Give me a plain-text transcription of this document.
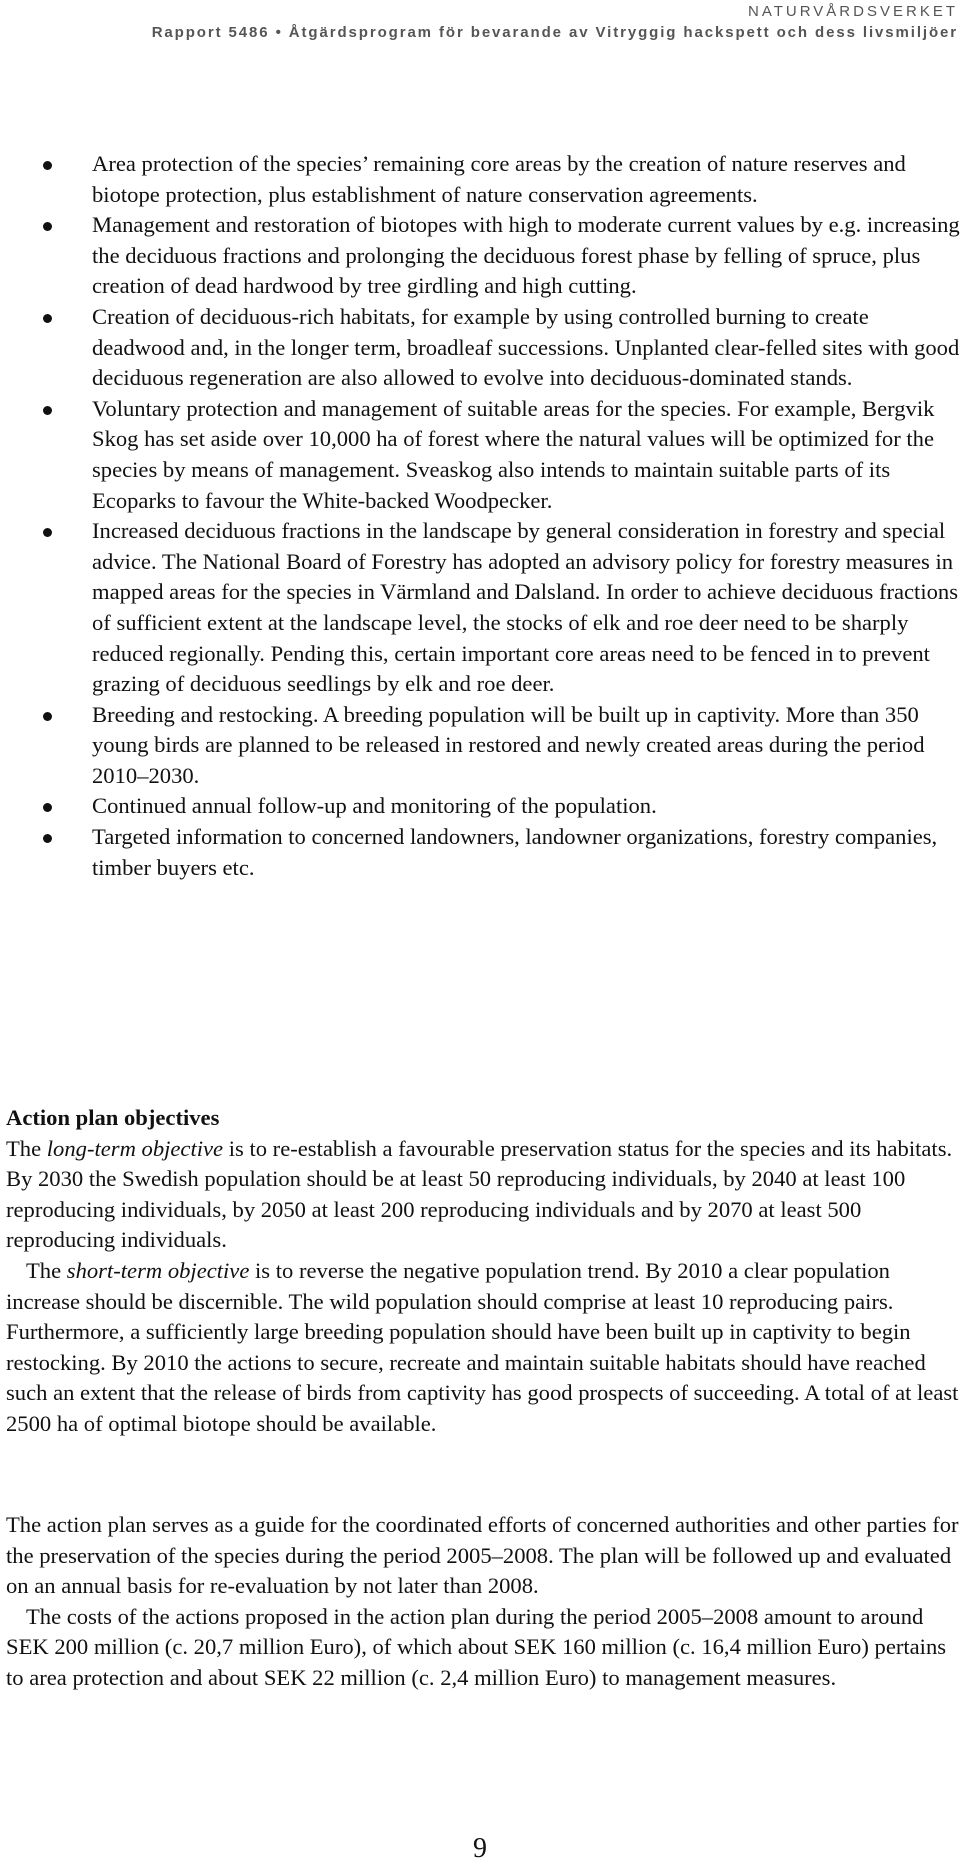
NATURVÅRDSVERKET
Rapport 5486 • Åtgärdsprogram för bevarande av Vitryggig hackspett och dess livsmiljöer
Area protection of the species’ remaining core areas by the creation of nature reserves and biotope protection, plus establishment of nature conservation agreements.
Management and restoration of biotopes with high to moderate current values by e.g. increasing the deciduous fractions and prolonging the deciduous forest phase by felling of spruce, plus creation of dead hardwood by tree girdling and high cutting.
Creation of deciduous-rich habitats, for example by using controlled burning to create deadwood and, in the longer term, broadleaf successions. Unplanted clear-felled sites with good deciduous regeneration are also allowed to evolve into deciduous-dominated stands.
Voluntary protection and management of suitable areas for the species. For example, Bergvik Skog has set aside over 10,000 ha of forest where the natural values will be optimized for the species by means of management. Sveaskog also intends to maintain suitable parts of its Ecoparks to favour the White-backed Woodpecker.
Increased deciduous fractions in the landscape by general consideration in forestry and special advice. The National Board of Forestry has adopted an advisory policy for forestry measures in mapped areas for the species in Värmland and Dalsland. In order to achieve deciduous fractions of sufficient extent at the landscape level, the stocks of elk and roe deer need to be sharply reduced regionally. Pending this, certain important core areas need to be fenced in to prevent grazing of deciduous seedlings by elk and roe deer.
Breeding and restocking. A breeding population will be built up in captivity. More than 350 young birds are planned to be released in restored and newly created areas during the period 2010–2030.
Continued annual follow-up and monitoring of the population.
Targeted information to concerned landowners, landowner organizations, forestry companies, timber buyers etc.
Action plan objectives
The long-term objective is to re-establish a favourable preservation status for the species and its habitats. By 2030 the Swedish population should be at least 50 reproducing individuals, by 2040 at least 100 reproducing individuals, by 2050 at least 200 reproducing individuals and by 2070 at least 500 reproducing individuals.
The short-term objective is to reverse the negative population trend. By 2010 a clear population increase should be discernible. The wild population should comprise at least 10 reproducing pairs. Furthermore, a sufficiently large breeding population should have been built up in captivity to begin restocking. By 2010 the actions to secure, recreate and maintain suitable habitats should have reached such an extent that the release of birds from captivity has good prospects of succeeding. A total of at least 2500 ha of optimal biotope should be available.
The action plan serves as a guide for the coordinated efforts of concerned authorities and other parties for the preservation of the species during the period 2005–2008. The plan will be followed up and evaluated on an annual basis for re-evaluation by not later than 2008.
The costs of the actions proposed in the action plan during the period 2005–2008 amount to around SEK 200 million (c. 20,7 million Euro), of which about SEK 160 million (c. 16,4 million Euro) pertains to area protection and about SEK 22 million (c. 2,4 million Euro) to management measures.
9
